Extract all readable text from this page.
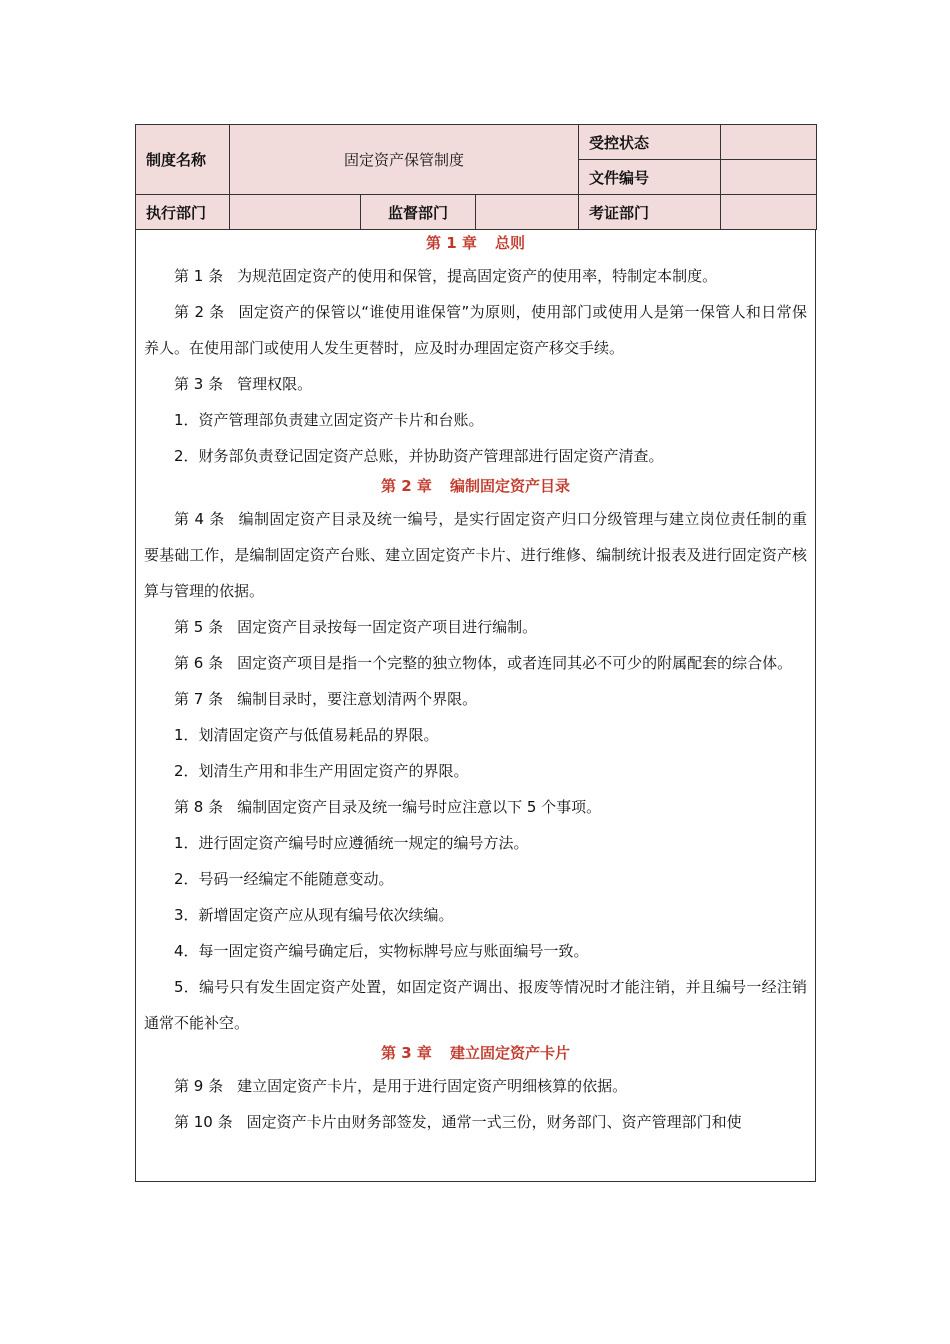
制度名称	固定资产保管制度			受控状态	
				文件编号	
执行部门		监督部门		考证部门	
第 1 章 总则
第 1 条 为规范固定资产的使用和保管，提高固定资产的使用率，特制定本制度。
第 2 条 固定资产的保管以“谁使用谁保管”为原则，使用部门或使用人是第一保管人和日常保养人。在使用部门或使用人发生更替时，应及时办理固定资产移交手续。
第 3 条 管理权限。
1．资产管理部负责建立固定资产卡片和台账。
2．财务部负责登记固定资产总账，并协助资产管理部进行固定资产清查。
第 2 章 编制固定资产目录
第 4 条 编制固定资产目录及统一编号，是实行固定资产归口分级管理与建立岗位责任制的重要基础工作，是编制固定资产台账、建立固定资产卡片、进行维修、编制统计报表及进行固定资产核算与管理的依据。
第 5 条 固定资产目录按每一固定资产项目进行编制。
第 6 条 固定资产项目是指一个完整的独立物体，或者连同其必不可少的附属配套的综合体。
第 7 条 编制目录时，要注意划清两个界限。
1．划清固定资产与低值易耗品的界限。
2．划清生产用和非生产用固定资产的界限。
第 8 条 编制固定资产目录及统一编号时应注意以下 5 个事项。
1．进行固定资产编号时应遵循统一规定的编号方法。
2．号码一经编定不能随意变动。
3．新增固定资产应从现有编号依次续编。
4．每一固定资产编号确定后，实物标牌号应与账面编号一致。
5．编号只有发生固定资产处置，如固定资产调出、报废等情况时才能注销，并且编号一经注销通常不能补空。
第 3 章 建立固定资产卡片
第 9 条 建立固定资产卡片，是用于进行固定资产明细核算的依据。
第 10 条 固定资产卡片由财务部签发，通常一式三份，财务部门、资产管理部门和使
